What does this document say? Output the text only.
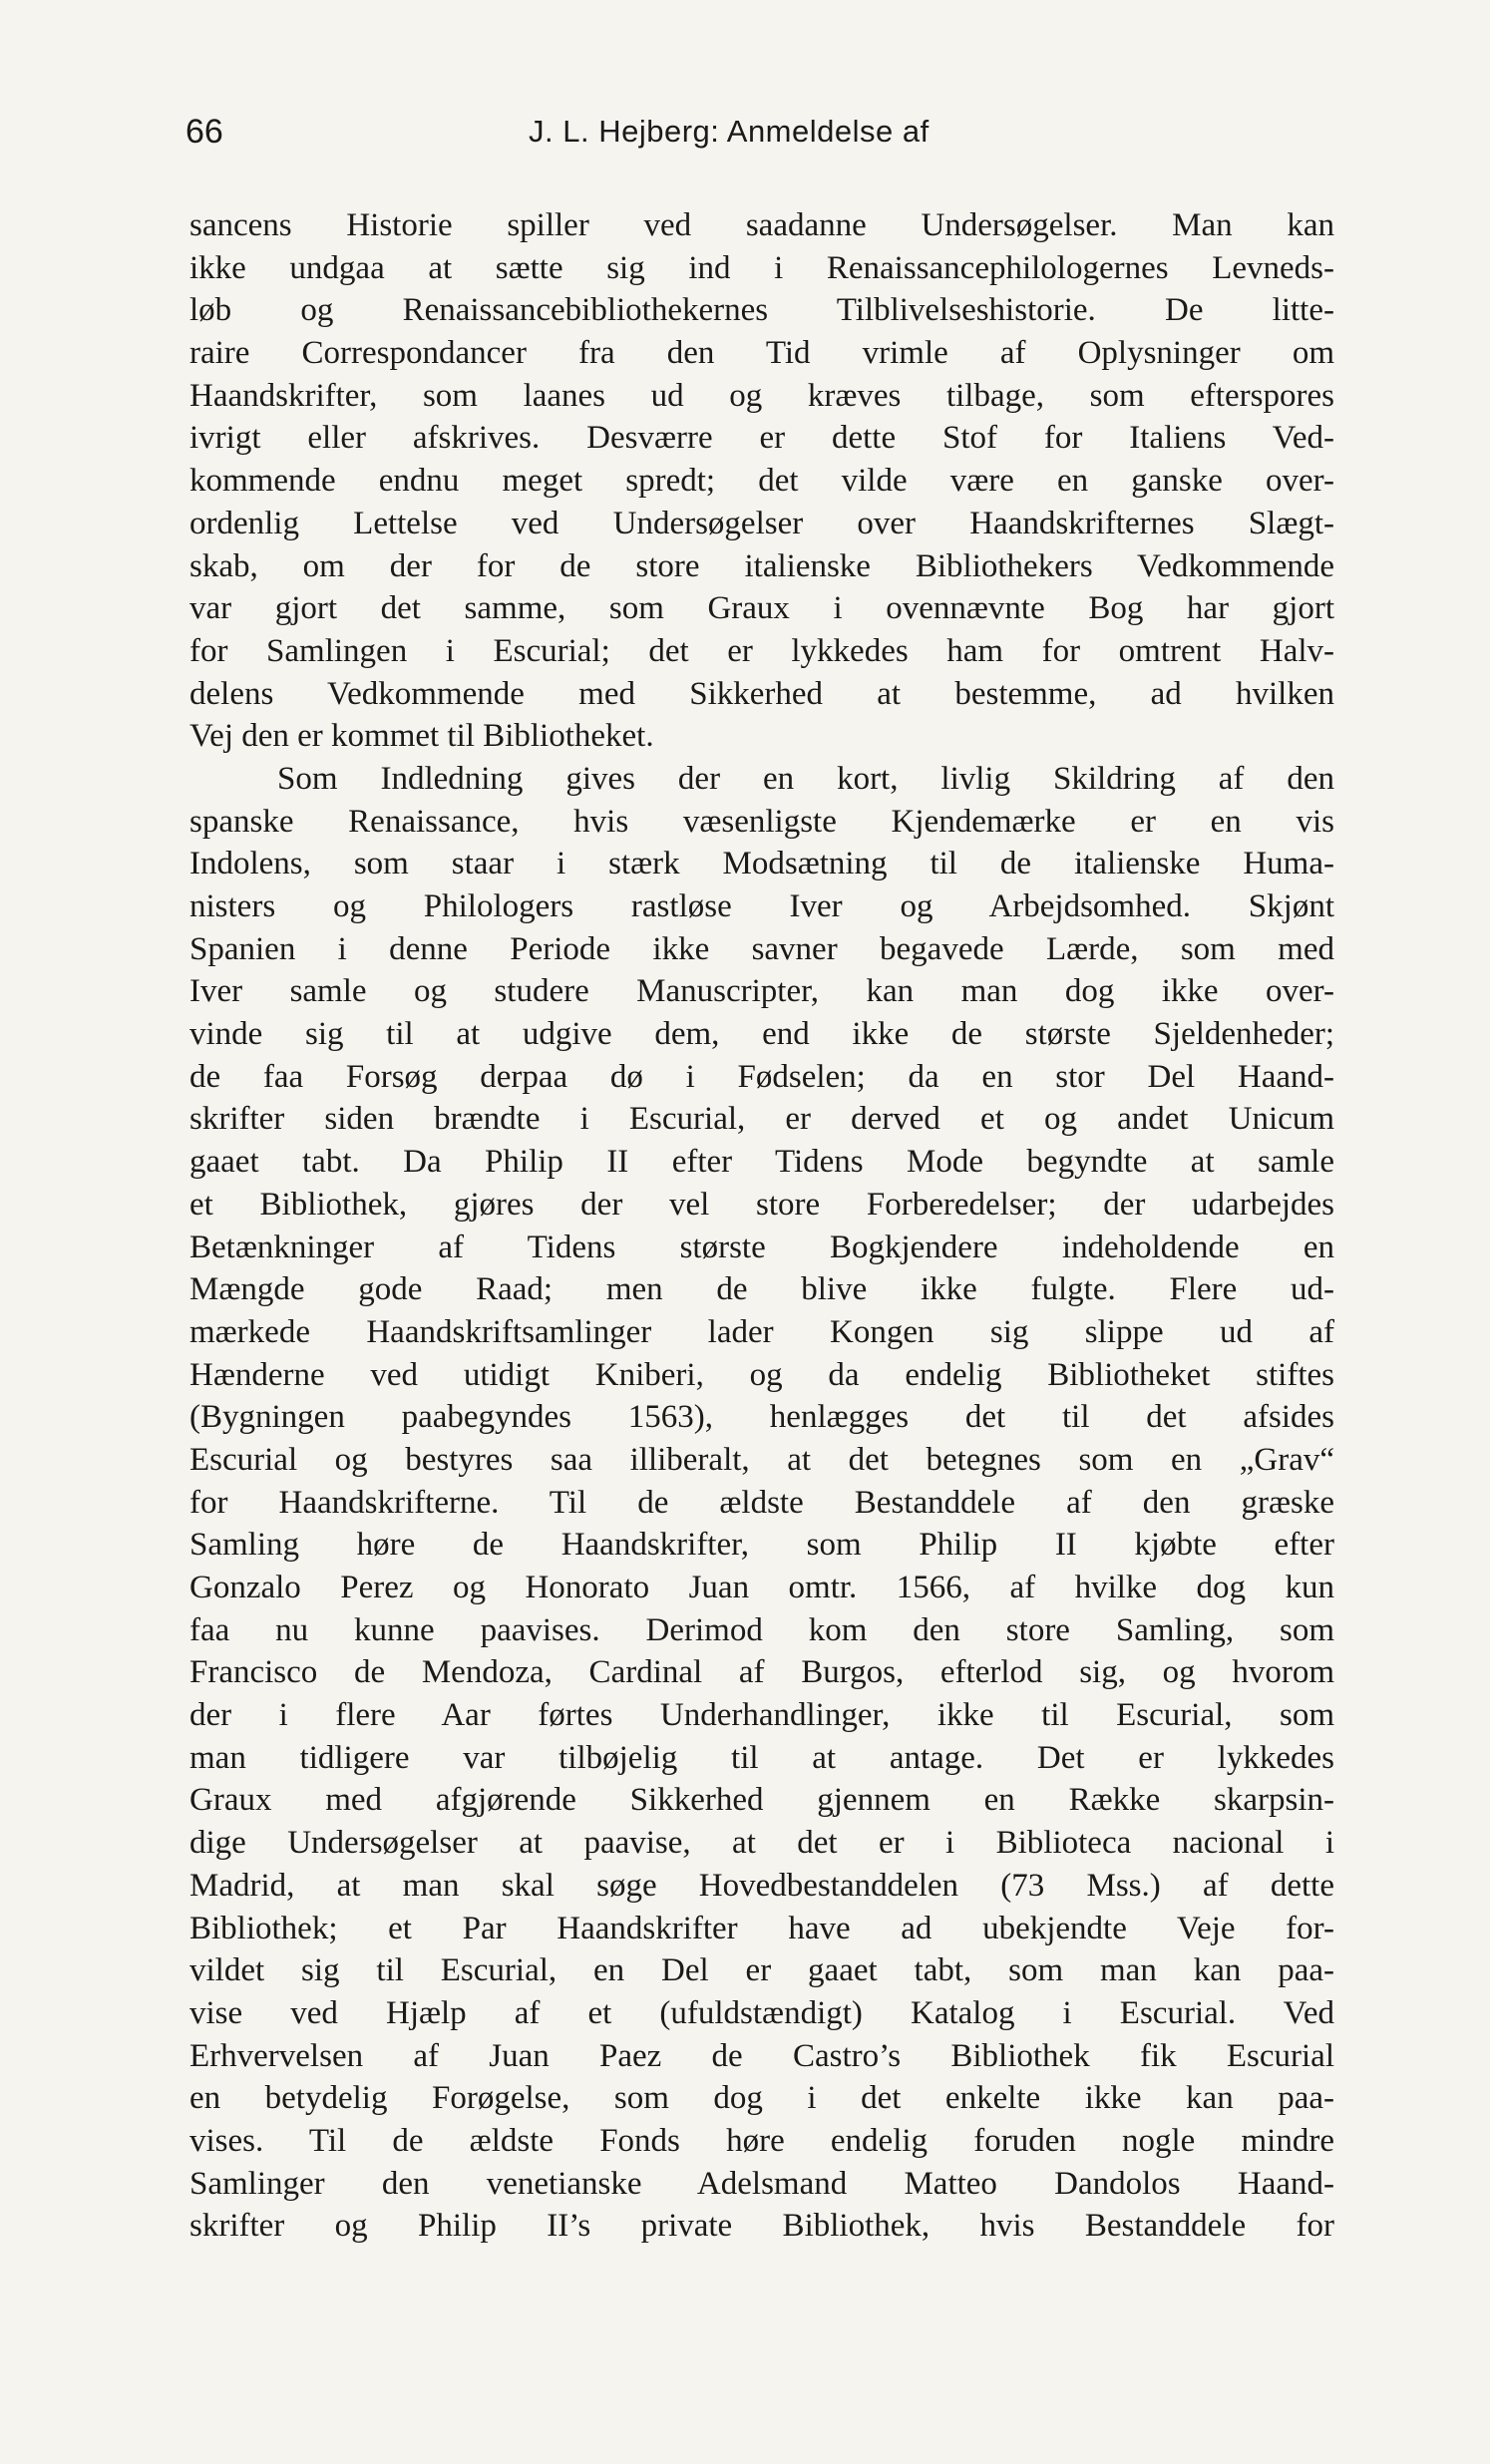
66	J. L. Hejberg: Anmeldelse af
sancens Historie spiller ved saadanne Undersøgelser. Man kan
ikke undgaa at sætte sig ind i Renaissancephilologernes Levneds-
løb og Renaissancebibliothekernes Tilblivelseshistorie. De litte-
raire Correspondancer fra den Tid vrimle af Oplysninger om
Haandskrifter, som laanes ud og kræves tilbage, som efterspores
ivrigt eller afskrives. Desværre er dette Stof for Italiens Ved-
kommende endnu meget spredt; det vilde være en ganske over-
ordenlig Lettelse ved Undersøgelser over Haandskrifternes Slægt-
skab, om der for de store italienske Bibliothekers Vedkommende
var gjort det samme, som Graux i ovennævnte Bog har gjort
for Samlingen i Escurial; det er lykkedes ham for omtrent Halv-
delens Vedkommende med Sikkerhed at bestemme, ad hvilken
Vej den er kommet til Bibliotheket.
Som Indledning gives der en kort, livlig Skildring af den
spanske Renaissance, hvis væsenligste Kjendemærke er en vis
Indolens, som staar i stærk Modsætning til de italienske Huma-
nisters og Philologers rastløse Iver og Arbejdsomhed. Skjønt
Spanien i denne Periode ikke savner begavede Lærde, som med
Iver samle og studere Manuscripter, kan man dog ikke over-
vinde sig til at udgive dem, end ikke de største Sjeldenheder;
de faa Forsøg derpaa dø i Fødselen; da en stor Del Haand-
skrifter siden brændte i Escurial, er derved et og andet Unicum
gaaet tabt. Da Philip II efter Tidens Mode begyndte at samle
et Bibliothek, gjøres der vel store Forberedelser; der udarbejdes
Betænkninger af Tidens største Bogkjendere indeholdende en
Mængde gode Raad; men de blive ikke fulgte. Flere ud-
mærkede Haandskriftsamlinger lader Kongen sig slippe ud af
Hænderne ved utidigt Kniberi, og da endelig Bibliotheket stiftes
(Bygningen paabegyndes 1563), henlægges det til det afsides
Escurial og bestyres saa illiberalt, at det betegnes som en „Grav“
for Haandskrifterne. Til de ældste Bestanddele af den græske
Samling høre de Haandskrifter, som Philip II kjøbte efter
Gonzalo Perez og Honorato Juan omtr. 1566, af hvilke dog kun
faa nu kunne paavises. Derimod kom den store Samling, som
Francisco de Mendoza, Cardinal af Burgos, efterlod sig, og hvorom
der i flere Aar førtes Underhandlinger, ikke til Escurial, som
man tidligere var tilbøjelig til at antage. Det er lykkedes
Graux med afgjørende Sikkerhed gjennem en Række skarpsin-
dige Undersøgelser at paavise, at det er i Biblioteca nacional i
Madrid, at man skal søge Hovedbestanddelen (73 Mss.) af dette
Bibliothek; et Par Haandskrifter have ad ubekjendte Veje for-
vildet sig til Escurial, en Del er gaaet tabt, som man kan paa-
vise ved Hjælp af et (ufuldstændigt) Katalog i Escurial. Ved
Erhvervelsen af Juan Paez de Castro’s Bibliothek fik Escurial
en betydelig Forøgelse, som dog i det enkelte ikke kan paa-
vises. Til de ældste Fonds høre endelig foruden nogle mindre
Samlinger den venetianske Adelsmand Matteo Dandolos Haand-
skrifter og Philip II’s private Bibliothek, hvis Bestanddele for
